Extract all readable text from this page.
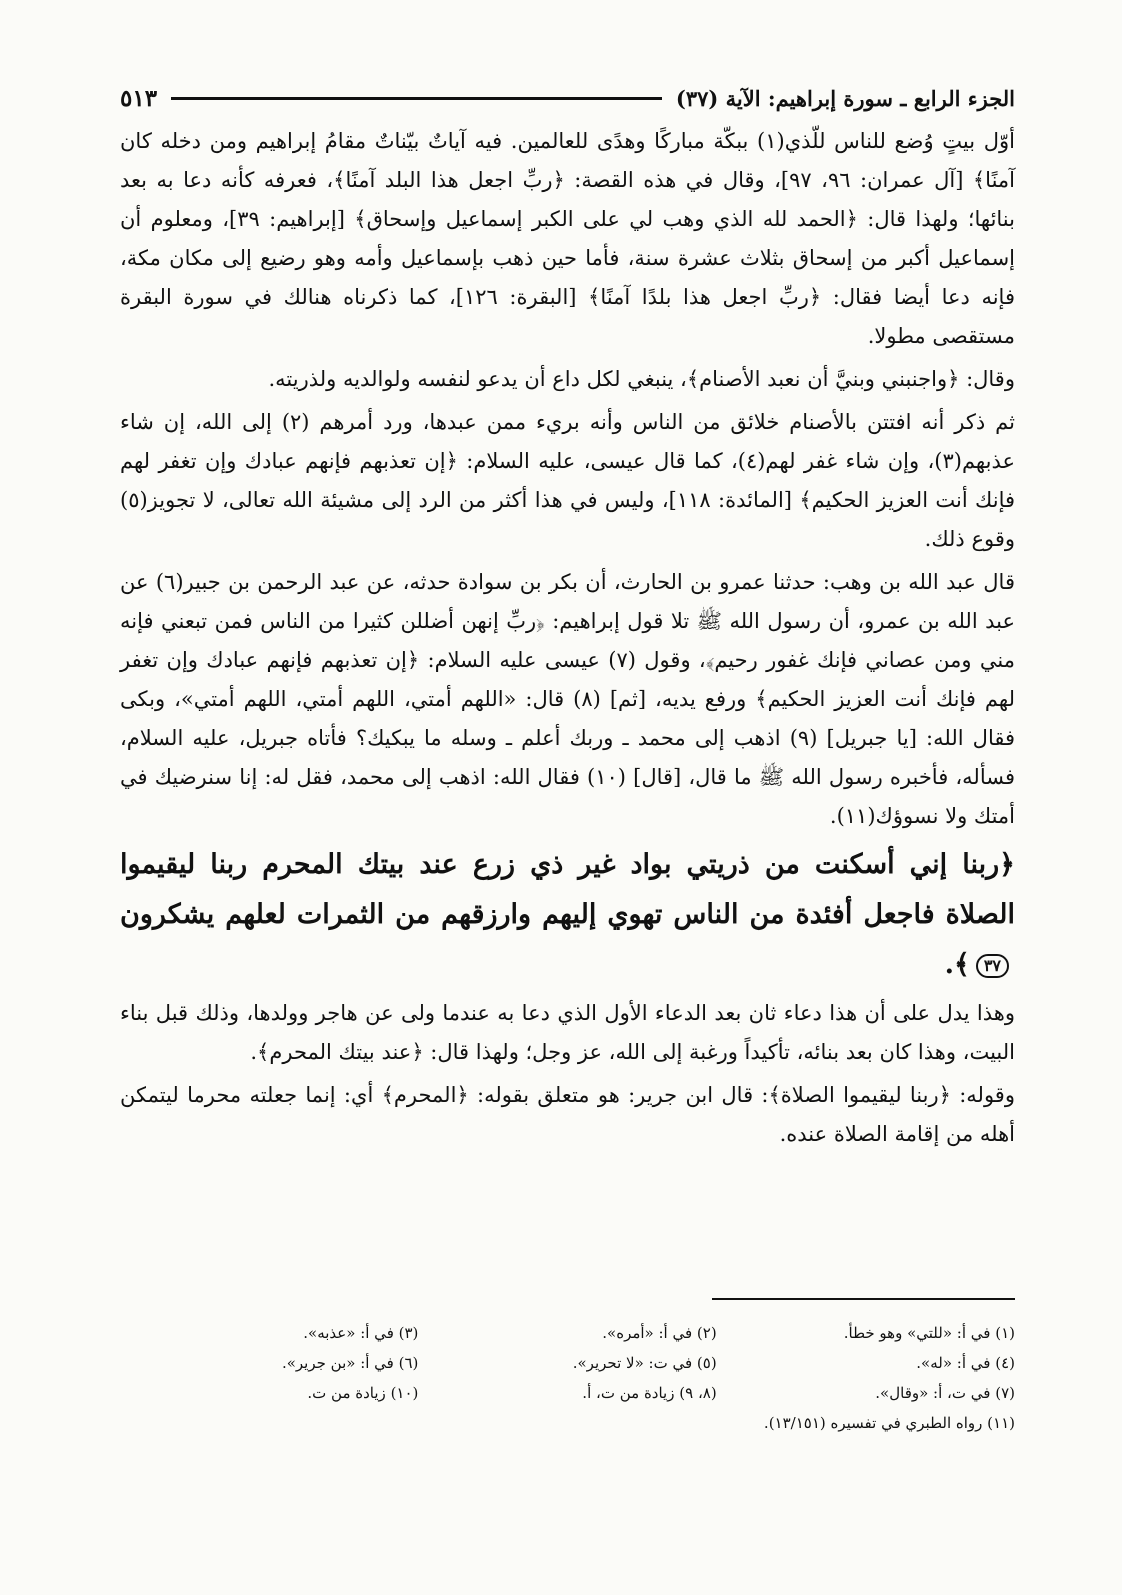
الجزء الرابع ـ سورة إبراهيم: الآية (٣٧)
٥١٣

أوّل بيتٍ وُضع للناس للّذي(١) ببكّة مباركًا وهدًى للعالمين. فيه آياتٌ بيّناتٌ مقامُ إبراهيم ومن دخله كان آمنًا﴾ [آل عمران: ٩٦، ٩٧]، وقال في هذه القصة: ﴿ربِّ اجعل هذا البلد آمنًا﴾، فعرفه كأنه دعا به بعد بنائها؛ ولهذا قال: ﴿الحمد لله الذي وهب لي على الكبر إسماعيل وإسحاق﴾ [إبراهيم: ٣٩]، ومعلوم أن إسماعيل أكبر من إسحاق بثلاث عشرة سنة، فأما حين ذهب بإسماعيل وأمه وهو رضيع إلى مكان مكة، فإنه دعا أيضا فقال: ﴿ربِّ اجعل هذا بلدًا آمنًا﴾ [البقرة: ١٢٦]، كما ذكرناه هنالك في سورة البقرة مستقصى مطولا.

وقال: ﴿واجنبني وبنيَّ أن نعبد الأصنام﴾، ينبغي لكل داع أن يدعو لنفسه ولوالديه ولذريته.

ثم ذكر أنه افتتن بالأصنام خلائق من الناس وأنه بريء ممن عبدها، ورد أمرهم (٢) إلى الله، إن شاء عذبهم(٣)، وإن شاء غفر لهم(٤)، كما قال عيسى، عليه السلام: ﴿إن تعذبهم فإنهم عبادك وإن تغفر لهم فإنك أنت العزيز الحكيم﴾ [المائدة: ١١٨]، وليس في هذا أكثر من الرد إلى مشيئة الله تعالى، لا تجويز(٥) وقوع ذلك.

قال عبد الله بن وهب: حدثنا عمرو بن الحارث، أن بكر بن سوادة حدثه، عن عبد الرحمن بن جبير(٦) عن عبد الله بن عمرو، أن رسول الله ﷺ تلا قول إبراهيم: ﴿ربِّ إنهن أضللن كثيرا من الناس فمن تبعني فإنه مني ومن عصاني فإنك غفور رحيم﴾، وقول (٧) عيسى عليه السلام: ﴿إن تعذبهم فإنهم عبادك وإن تغفر لهم فإنك أنت العزيز الحكيم﴾ ورفع يديه، [ثم] (٨) قال: «اللهم أمتي، اللهم أمتي، اللهم أمتي»، وبكى فقال الله: [يا جبريل] (٩) اذهب إلى محمد ـ وربك أعلم ـ وسله ما يبكيك؟ فأتاه جبريل، عليه السلام، فسأله، فأخبره رسول الله ﷺ ما قال، [قال] (١٠) فقال الله: اذهب إلى محمد، فقل له: إنا سنرضيك في أمتك ولا نسوؤك(١١).

﴿ربنا إني أسكنت من ذريتي بواد غير ذي زرع عند بيتك المحرم ربنا ليقيموا الصلاة فاجعل أفئدة من الناس تهوي إليهم وارزقهم من الثمرات لعلهم يشكرون٣٧﴾.

وهذا يدل على أن هذا دعاء ثان بعد الدعاء الأول الذي دعا به عندما ولى عن هاجر وولدها، وذلك قبل بناء البيت، وهذا كان بعد بنائه، تأكيداً ورغبة إلى الله، عز وجل؛ ولهذا قال: ﴿عند بيتك المحرم﴾.

وقوله: ﴿ربنا ليقيموا الصلاة﴾: قال ابن جرير: هو متعلق بقوله: ﴿المحرم﴾ أي: إنما جعلته محرما ليتمكن أهله من إقامة الصلاة عنده.

(١) في أ: «للتي» وهو خطأ.
(٢) في أ: «أمره».
(٣) في أ: «عذبه».
(٤) في أ: «له».
(٥) في ت: «لا تحرير».
(٦) في أ: «بن جرير».
(٧) في ت، أ: «وقال».
(٨، ٩) زيادة من ت، أ.
(١٠) زيادة من ت.
(١١) رواه الطبري في تفسيره (١٣/١٥١).
